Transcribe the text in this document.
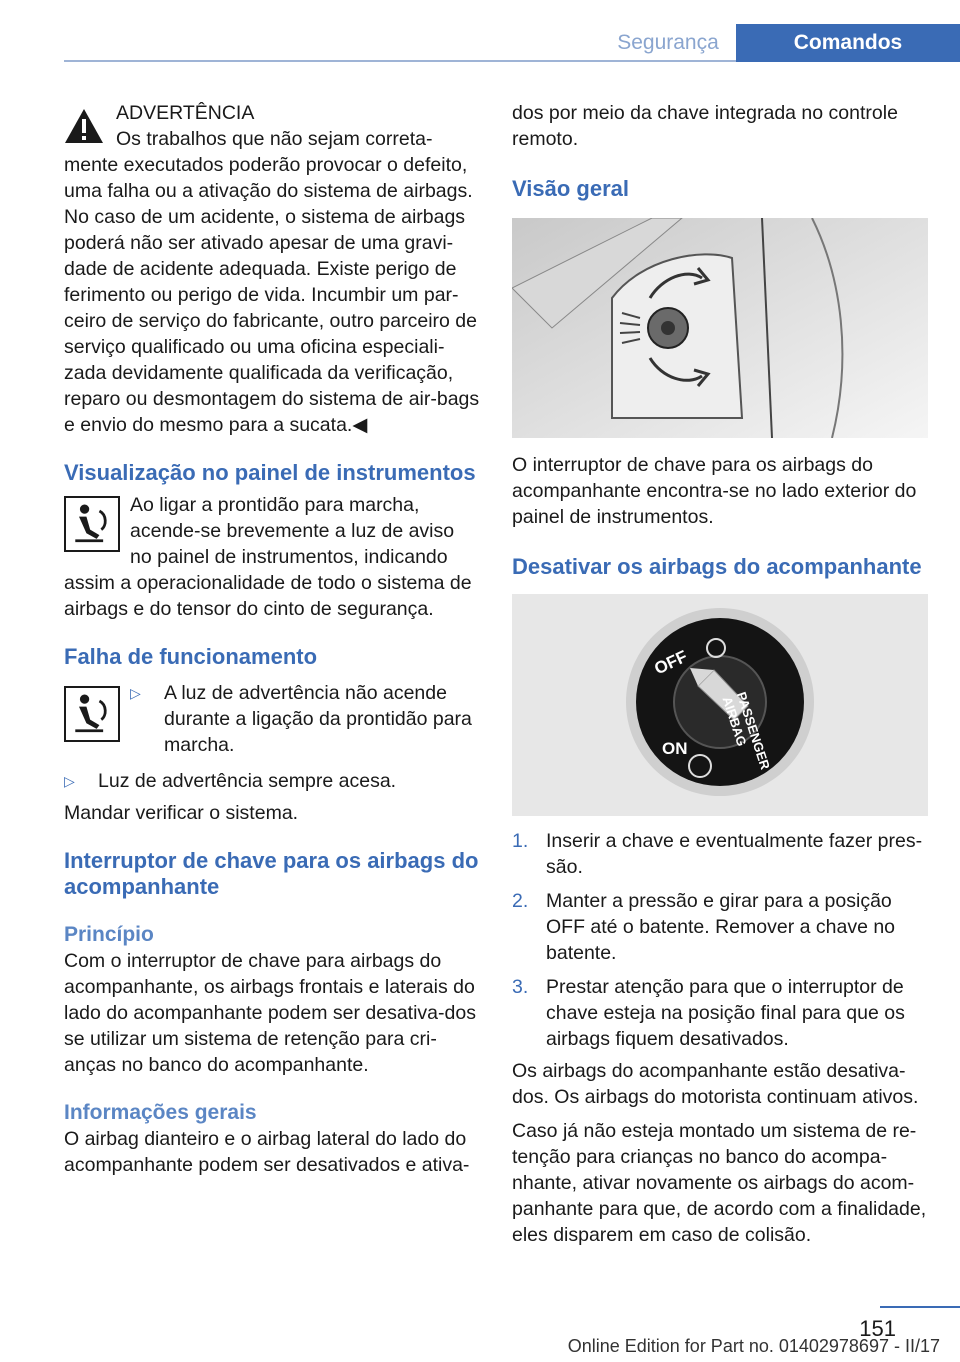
Segurança	Comandos

ADVERTÊNCIA

Os trabalhos que não sejam correta-

mente executados poderão provocar o defeito, uma falha ou a ativação do sistema de airbags. No caso de um acidente, o sistema de airbags poderá não ser ativado apesar de uma gravi-dade de acidente adequada. Existe perigo de ferimento ou perigo de vida. Incumbir um par-ceiro de serviço do fabricante, outro parceiro de serviço qualificado ou uma oficina especiali-zada devidamente qualificada da verificação, reparo ou desmontagem do sistema de air-bags e envio do mesmo para a sucata.◀

Visualização no painel de instrumentos

Ao ligar a prontidão para marcha, acende-se brevemente a luz de aviso no painel de instrumentos, indicando

assim a operacionalidade de todo o sistema de airbags e do tensor do cinto de segurança.

Falha de funcionamento

▷	A luz de advertência não acende durante a ligação da prontidão para marcha.
▷	Luz de advertência sempre acesa.

Mandar verificar o sistema.

Interruptor de chave para os airbags do acompanhante

Princípio

Com o interruptor de chave para airbags do acompanhante, os airbags frontais e laterais do lado do acompanhante podem ser desativa-dos se utilizar um sistema de retenção para cri-anças no banco do acompanhante.

Informações gerais

O airbag dianteiro e o airbag lateral do lado do acompanhante podem ser desativados e ativa-

dos por meio da chave integrada no controle remoto.

Visão geral

O interruptor de chave para os airbags do acompanhante encontra-se no lado exterior do painel de instrumentos.

Desativar os airbags do acompanhante

OFF
ON	PASSENGER AIRBAG
1. Inserir a chave e eventualmente fazer pres-são.
2. Manter a pressão e girar para a posição OFF até o batente. Remover a chave no batente.
3. Prestar atenção para que o interruptor de chave esteja na posição final para que os airbags fiquem desativados.

Os airbags do acompanhante estão desativa-dos. Os airbags do motorista continuam ativos.

Caso já não esteja montado um sistema de re-tenção para crianças no banco do acompa-nhante, ativar novamente os airbags do acom-panhante para que, de acordo com a finalidade, eles disparem em caso de colisão.

151
Online Edition for Part no. 01402978697 - II/17
